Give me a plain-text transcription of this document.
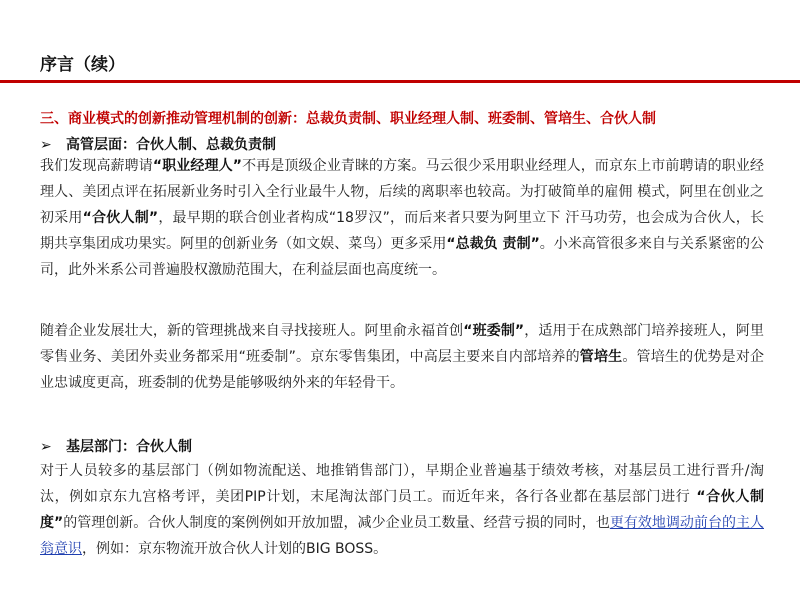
序言（续）
三、商业模式的创新推动管理机制的创新：总裁负责制、职业经理人制、班委制、管培生、合伙人制
➢ 高管层面：合伙人制、总裁负责制
我们发现高薪聘请“职业经理人”不再是顶级企业青睐的方案。马云很少采用职业经理人，而京东上市前聘请的职业经理人、美团点评在拓展新业务时引入全行业最牛人物，后续的离职率也较高。为打破简单的雇佣 模式，阿里在创业之初采用“合伙人制”，最早期的联合创业者构成“18罗汉”，而后来者只要为阿里立下 汗马功劳，也会成为合伙人，长期共享集团成功果实。阿里的创新业务（如文娱、菜鸟）更多采用“总裁负 责制”。小米高管很多来自与关系紧密的公司，此外米系公司普遍股权激励范围大，在利益层面也高度统一。
随着企业发展壮大，新的管理挑战来自寻找接班人。阿里俞永福首创“班委制”，适用于在成熟部门培养接班人，阿里零售业务、美团外卖业务都采用“班委制”。京东零售集团，中高层主要来自内部培养的管培生。管培生的优势是对企业忠诚度更高，班委制的优势是能够吸纳外来的年轻骨干。
➢ 基层部门：合伙人制
对于人员较多的基层部门（例如物流配送、地推销售部门），早期企业普遍基于绩效考核，对基层员工进行晋升/淘汰，例如京东九宫格考评，美团PIP计划，末尾淘汰部门员工。而近年来，各行各业都在基层部门进行 “合伙人制度”的管理创新。合伙人制度的案例例如开放加盟，减少企业员工数量、经营亏损的同时，也更有效地调动前台的主人翁意识，例如：京东物流开放合伙人计划的BIG BOSS。
